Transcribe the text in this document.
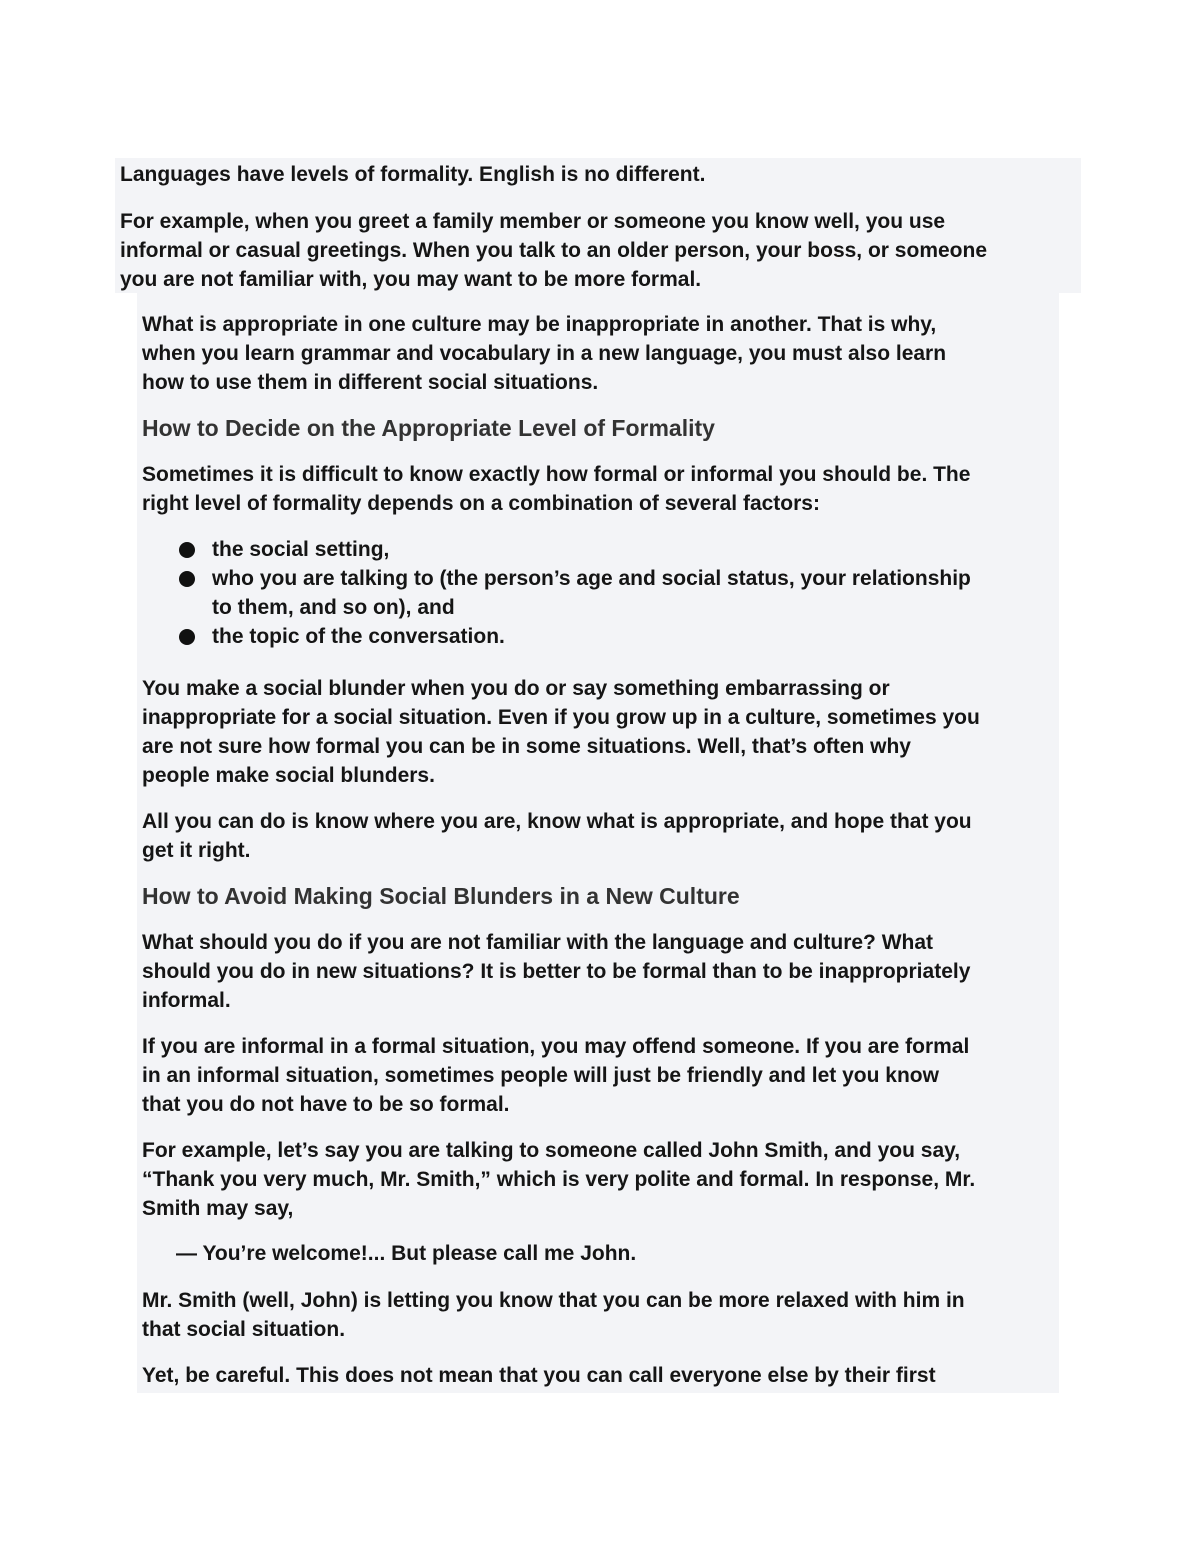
Languages have levels of formality. English is no different.

For example, when you greet a family member or someone you know well, you use
informal or casual greetings. When you talk to an older person, your boss, or someone
you are not familiar with, you may want to be more formal.

What is appropriate in one culture may be inappropriate in another. That is why,
when you learn grammar and vocabulary in a new language, you must also learn
how to use them in different social situations.

How to Decide on the Appropriate Level of Formality

Sometimes it is difficult to know exactly how formal or informal you should be. The
right level of formality depends on a combination of several factors:

the social setting,
who you are talking to (the person’s age and social status, your relationship
to them, and so on), and
the topic of the conversation.

You make a social blunder when you do or say something embarrassing or
inappropriate for a social situation. Even if you grow up in a culture, sometimes you
are not sure how formal you can be in some situations. Well, that’s often why
people make social blunders.

All you can do is know where you are, know what is appropriate, and hope that you
get it right.

How to Avoid Making Social Blunders in a New Culture

What should you do if you are not familiar with the language and culture? What
should you do in new situations? It is better to be formal than to be inappropriately
informal.

If you are informal in a formal situation, you may offend someone. If you are formal
in an informal situation, sometimes people will just be friendly and let you know
that you do not have to be so formal.

For example, let’s say you are talking to someone called John Smith, and you say,
“Thank you very much, Mr. Smith,” which is very polite and formal. In response, Mr.
Smith may say,

— You’re welcome!... But please call me John.

Mr. Smith (well, John) is letting you know that you can be more relaxed with him in
that social situation.

Yet, be careful. This does not mean that you can call everyone else by their first
